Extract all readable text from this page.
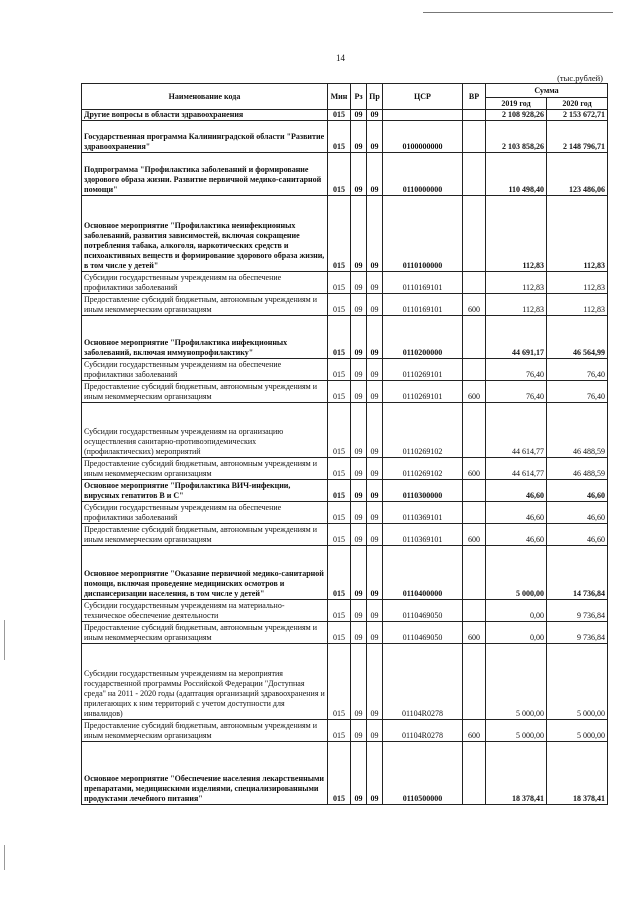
14
(тыс.рублей)
Наименование кода	Мин	Рз	Пр	ЦСР	ВР	Сумма	
						2019 год	2020 год
Другие вопросы в области здравоохранения	015	09	09			2 108 928,26	2 153 672,71
Государственная программа Калининградской области "Развитие здравоохранения"	015	09	09	0100000000		2 103 858,26	2 148 796,71
Подпрограмма "Профилактика заболеваний и формирование здорового образа жизни. Развитие первичной медико-санитарной помощи"	015	09	09	0110000000		110 498,40	123 486,06
Основное мероприятие "Профилактика неинфекционных заболеваний, развития зависимостей, включая сокращение потребления табака, алкоголя, наркотических средств и психоактивных веществ и формирование здорового образа жизни, в том числе у детей"	015	09	09	0110100000		112,83	112,83
Субсидии государственным учреждениям на обеспечение профилактики заболеваний	015	09	09	0110169101		112,83	112,83
Предоставление субсидий бюджетным, автономным учреждениям и иным некоммерческим организациям	015	09	09	0110169101	600	112,83	112,83
Основное мероприятие "Профилактика инфекционных заболеваний, включая иммунопрофилактику"	015	09	09	0110200000		44 691,17	46 564,99
Субсидии государственным учреждениям на обеспечение профилактики заболеваний	015	09	09	0110269101		76,40	76,40
Предоставление субсидий бюджетным, автономным учреждениям и иным некоммерческим организациям	015	09	09	0110269101	600	76,40	76,40
Субсидии государственным учреждениям на организацию осуществления санитарно-противоэпидемических (профилактических) мероприятий	015	09	09	0110269102		44 614,77	46 488,59
Предоставление субсидий бюджетным, автономным учреждениям и иным некоммерческим организациям	015	09	09	0110269102	600	44 614,77	46 488,59
Основное мероприятие "Профилактика ВИЧ-инфекции, вирусных гепатитов В и С"	015	09	09	0110300000		46,60	46,60
Субсидии государственным учреждениям на обеспечение профилактики заболеваний	015	09	09	0110369101		46,60	46,60
Предоставление субсидий бюджетным, автономным учреждениям и иным некоммерческим организациям	015	09	09	0110369101	600	46,60	46,60
Основное мероприятие "Оказание первичной медико-санитарной помощи, включая проведение медицинских осмотров и диспансеризации населения, в том числе у детей"	015	09	09	0110400000		5 000,00	14 736,84
Субсидии государственным учреждениям на материально-техническое обеспечение деятельности	015	09	09	0110469050		0,00	9 736,84
Предоставление субсидий бюджетным, автономным учреждениям и иным некоммерческим организациям	015	09	09	0110469050	600	0,00	9 736,84
Субсидии государственным учреждениям на мероприятия государственной программы Российской Федерации "Доступная среда" на 2011 - 2020 годы (адаптация организаций здравоохранения и прилегающих к ним территорий с учетом доступности для инвалидов)	015	09	09	01104R0278		5 000,00	5 000,00
Предоставление субсидий бюджетным, автономным учреждениям и иным некоммерческим организациям	015	09	09	01104R0278	600	5 000,00	5 000,00
Основное мероприятие "Обеспечение населения лекарственными препаратами, медицинскими изделиями, специализированными продуктами лечебного питания"	015	09	09	0110500000		18 378,41	18 378,41
